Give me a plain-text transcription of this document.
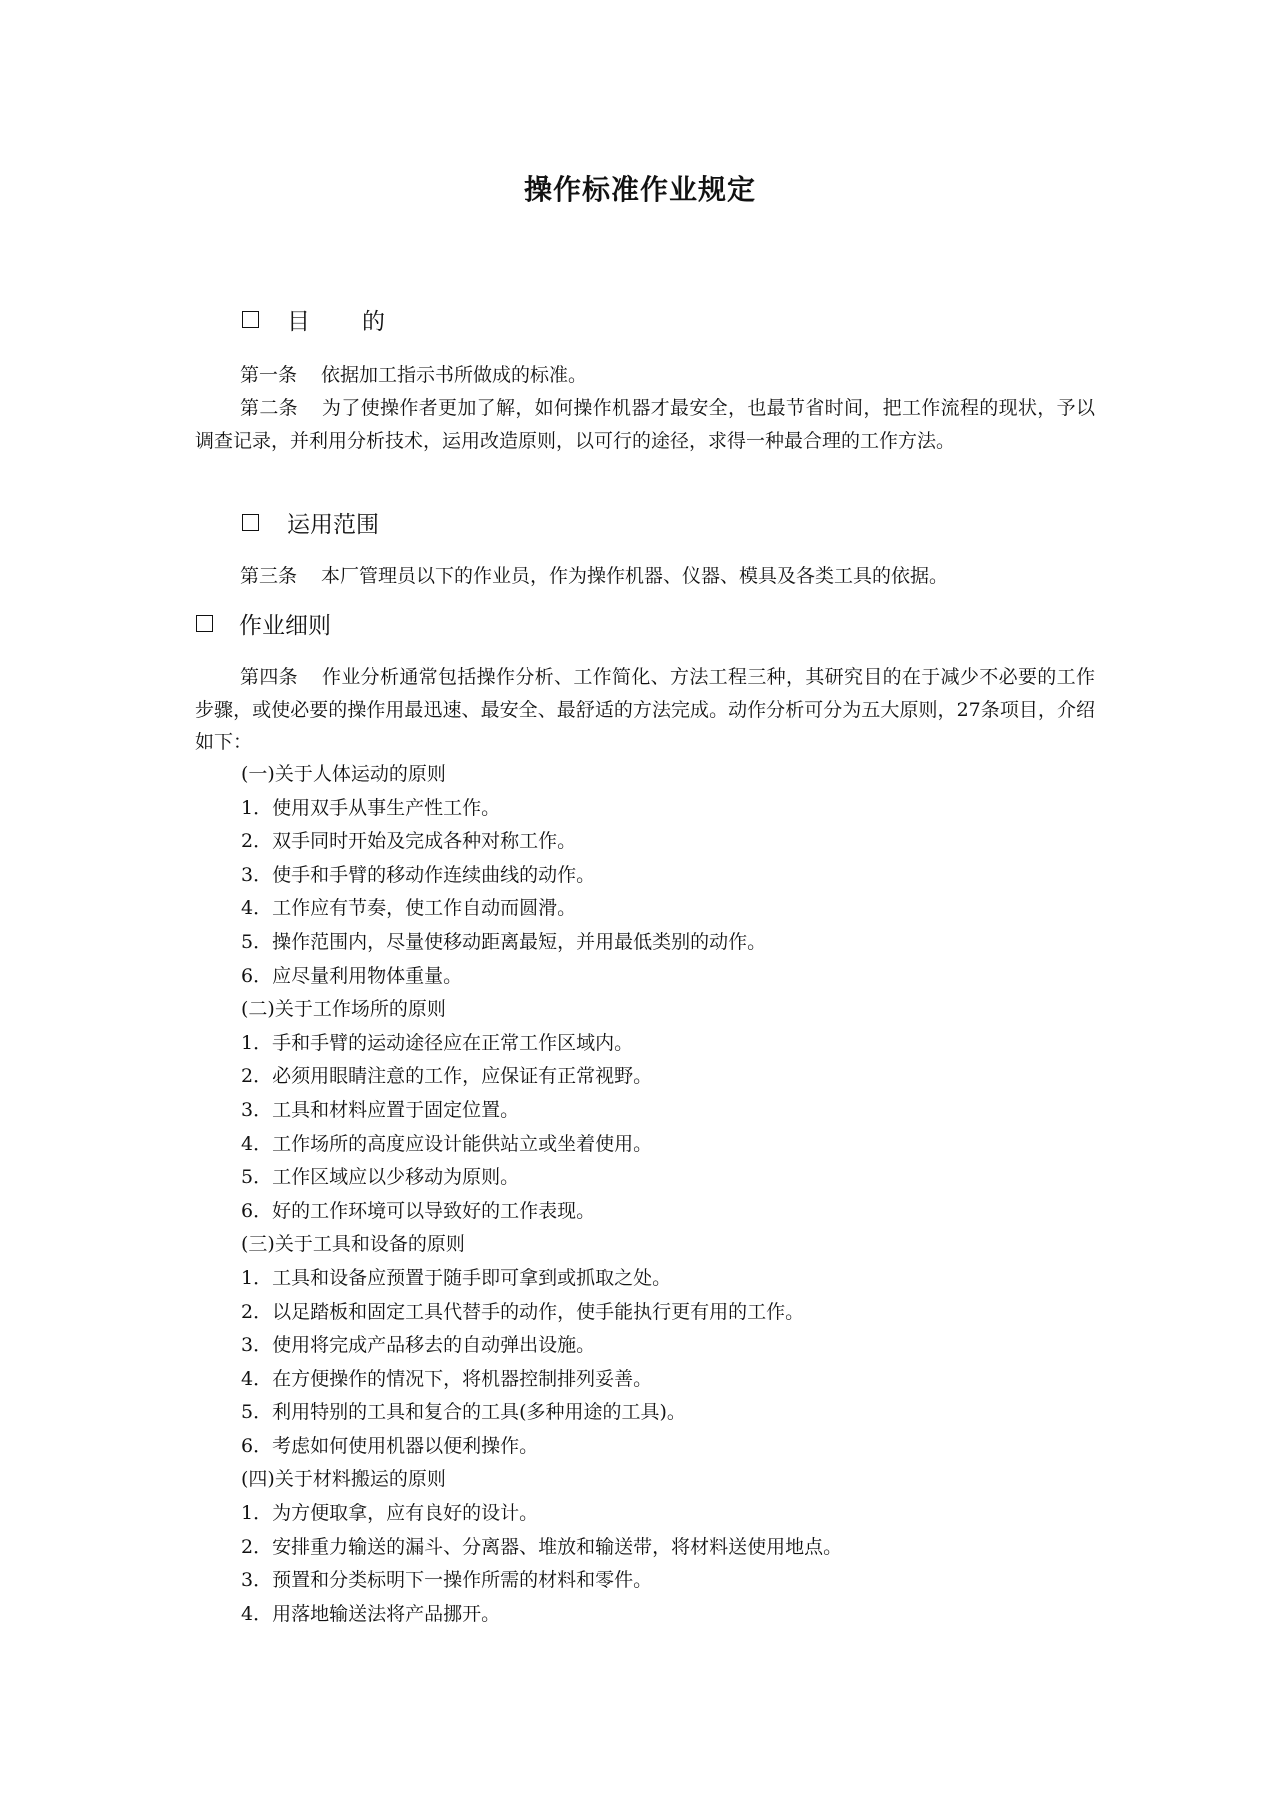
操作标准作业规定
目 的

第一条 依据加工指示书所做成的标准。

第二条 为了使操作者更加了解，如何操作机器才最安全，也最节省时间，把工作流程的现状，予以调查记录，并利用分析技术，运用改造原则，以可行的途径，求得一种最合理的工作方法。

运用范围

第三条 本厂管理员以下的作业员，作为操作机器、仪器、模具及各类工具的依据。

作业细则

第四条 作业分析通常包括操作分析、工作简化、方法工程三种，其研究目的在于减少不必要的工作步骤，或使必要的操作用最迅速、最安全、最舒适的方法完成。动作分析可分为五大原则，27条项目，介绍如下：

(一)关于人体运动的原则
1．使用双手从事生产性工作。
2．双手同时开始及完成各种对称工作。
3．使手和手臂的移动作连续曲线的动作。
4．工作应有节奏，使工作自动而圆滑。
5．操作范围内，尽量使移动距离最短，并用最低类别的动作。
6．应尽量利用物体重量。
(二)关于工作场所的原则
1．手和手臂的运动途径应在正常工作区域内。
2．必须用眼睛注意的工作，应保证有正常视野。
3．工具和材料应置于固定位置。
4．工作场所的高度应设计能供站立或坐着使用。
5．工作区域应以少移动为原则。
6．好的工作环境可以导致好的工作表现。
(三)关于工具和设备的原则
1．工具和设备应预置于随手即可拿到或抓取之处。
2．以足踏板和固定工具代替手的动作，使手能执行更有用的工作。
3．使用将完成产品移去的自动弹出设施。
4．在方便操作的情况下，将机器控制排列妥善。
5．利用特别的工具和复合的工具(多种用途的工具)。
6．考虑如何使用机器以便利操作。
(四)关于材料搬运的原则
1．为方便取拿，应有良好的设计。
2．安排重力输送的漏斗、分离器、堆放和输送带，将材料送使用地点。
3．预置和分类标明下一操作所需的材料和零件。
4．用落地输送法将产品挪开。
